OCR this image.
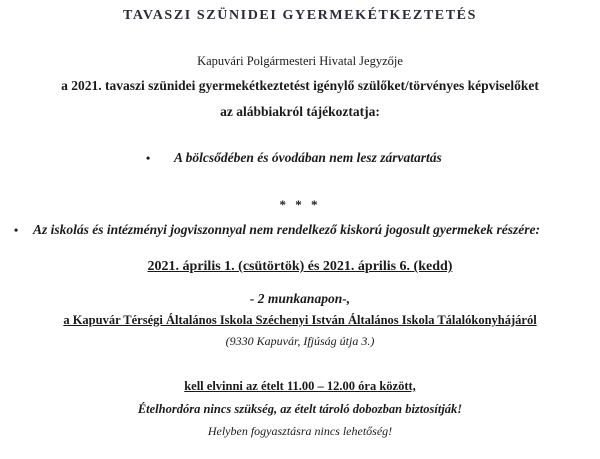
TAVASZI SZÜNIDEI GYERMEKÉTKEZTETÉS
Kapuvári Polgármesteri Hivatal Jegyzője
a 2021. tavaszi szünidei gyermekétkeztetést igénylő szülőket/törvényes képviselőket
az alábbiakról tájékoztatja:
• A bölcsődében és óvodában nem lesz zárvatartás
* * *
• Az iskolás és intézményi jogviszonnyal nem rendelkező kiskorú jogosult gyermekek részére:
2021. április 1. (csütörtök) és 2021. április 6. (kedd)
- 2 munkanapon-,
a Kapuvár Térségi Általános Iskola Széchenyi István Általános Iskola Tálalókonyhájáról
(9330 Kapuvár, Ifjúság útja 3.)
kell elvinni az ételt 11.00 – 12.00 óra között,
Ételhordóra nincs szükség, az ételt tároló dobozban biztosítják!
Helyben fogyasztásra nincs lehetőség!
